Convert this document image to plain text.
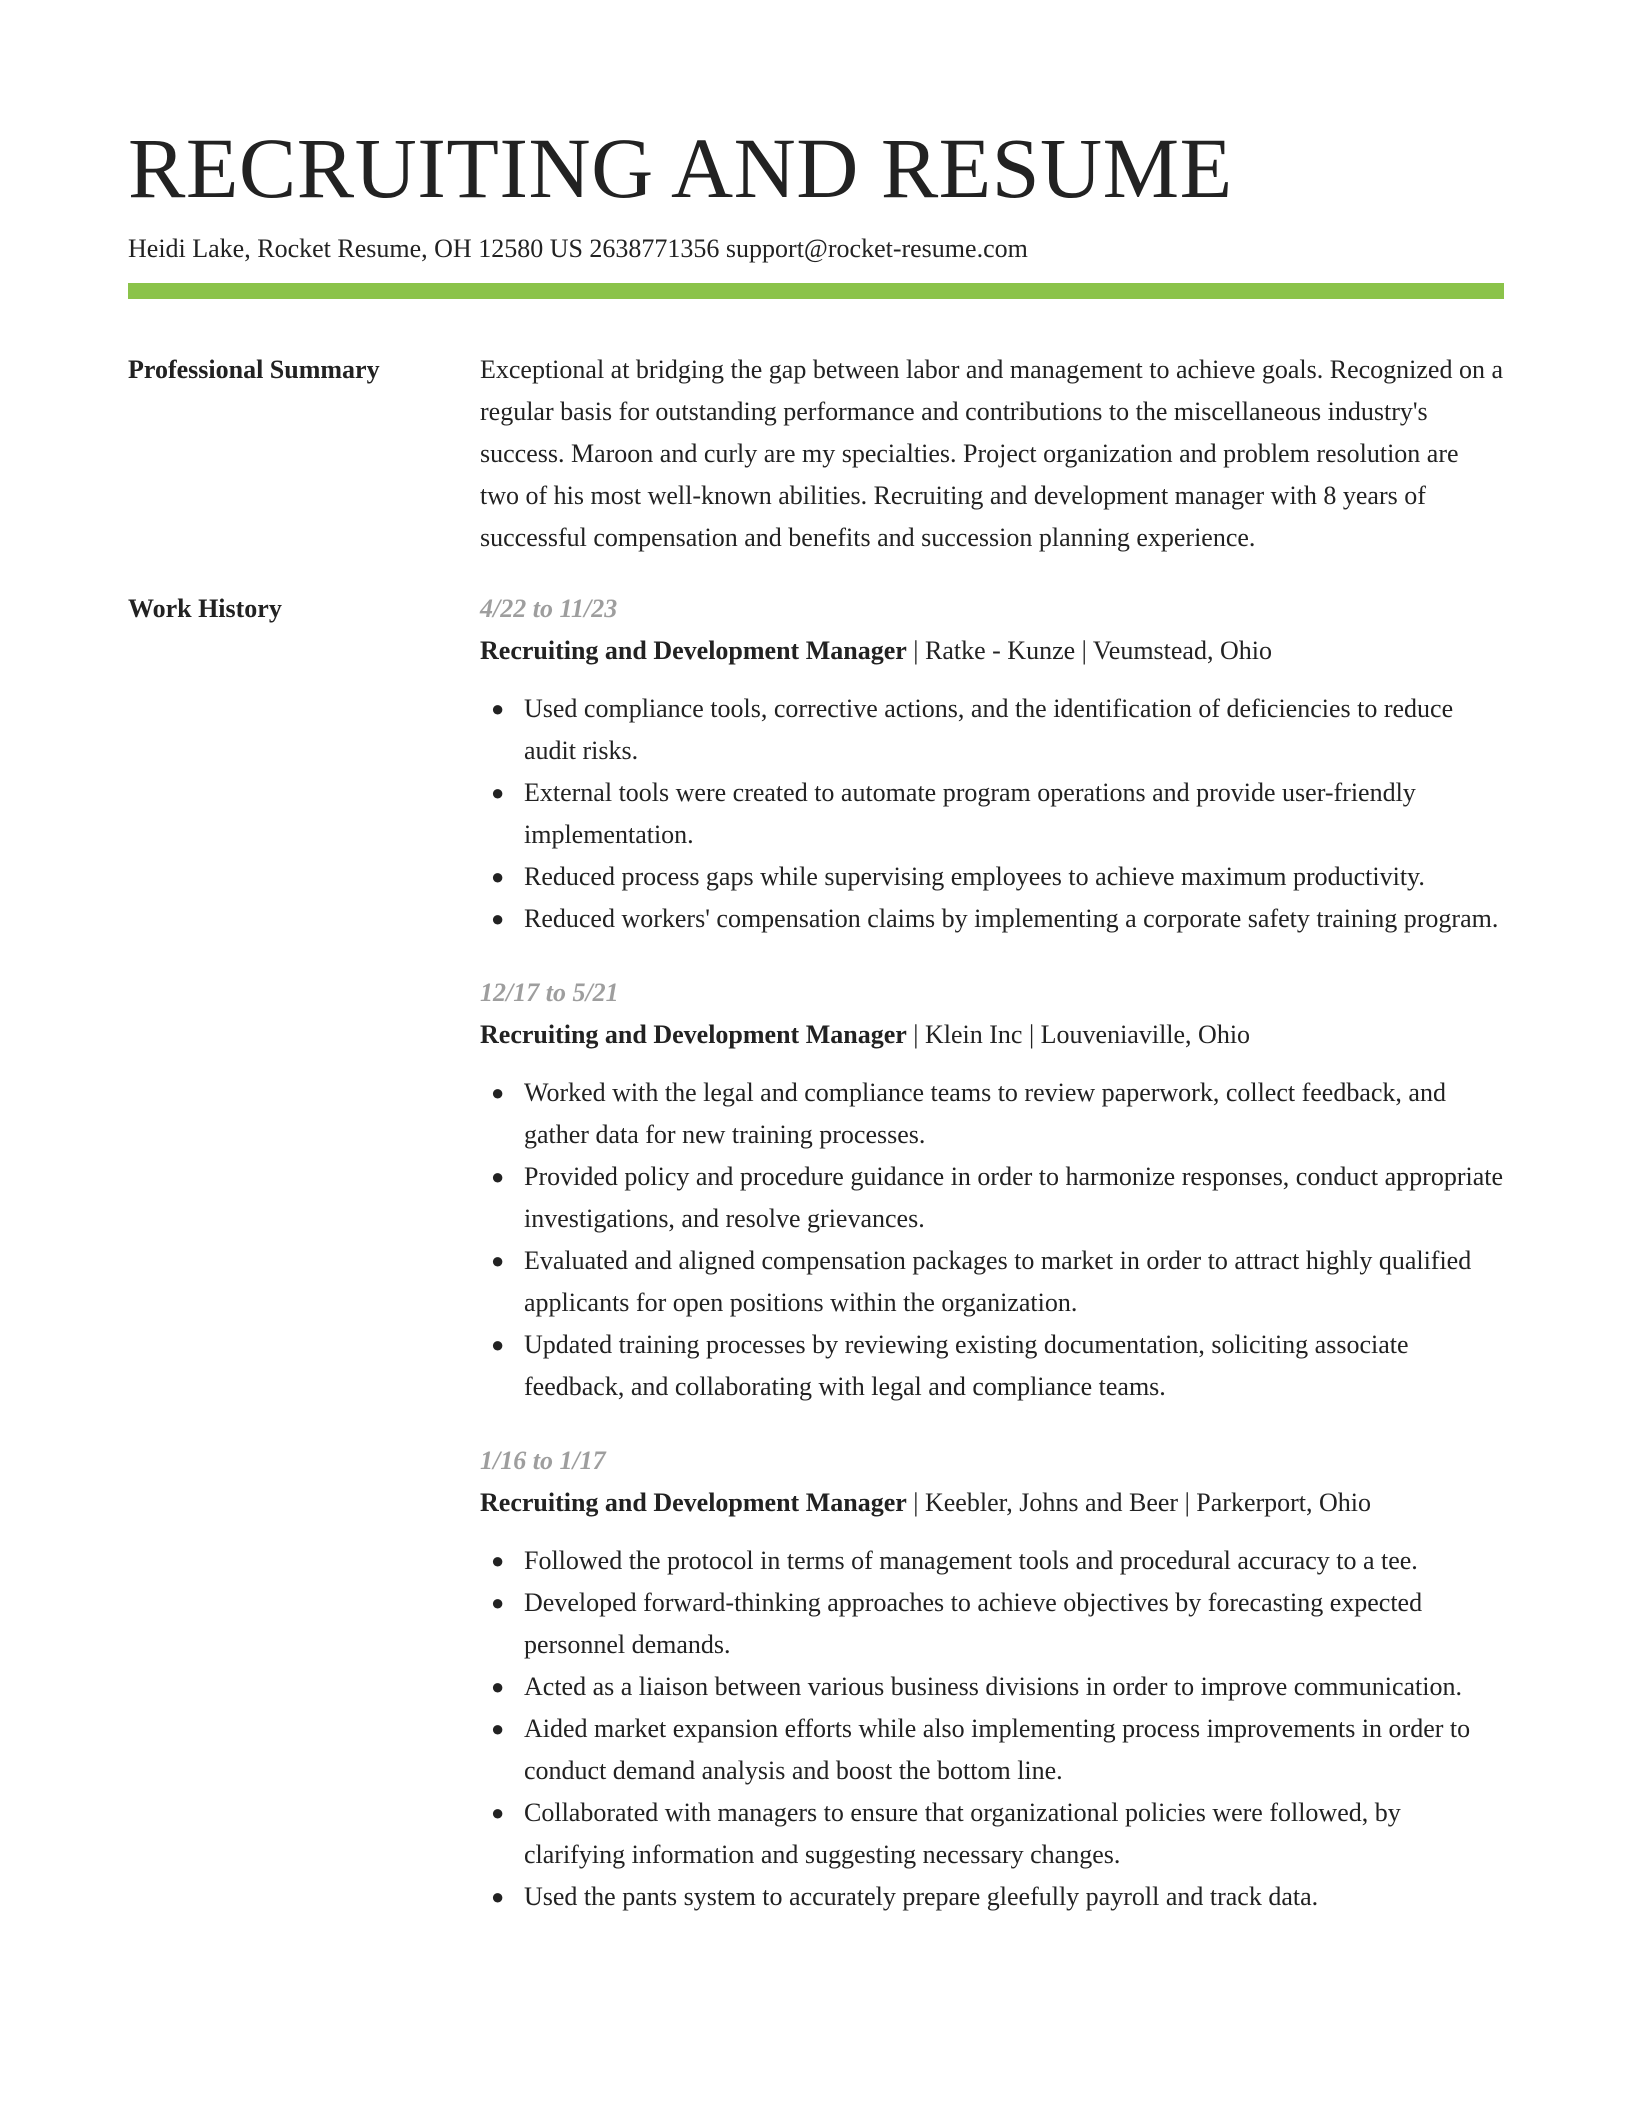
RECRUITING AND RESUME
Heidi Lake, Rocket Resume, OH 12580 US 2638771356 support@rocket-resume.com
Professional Summary	Exceptional at bridging the gap between labor and management to achieve goals. Recognized on a regular basis for outstanding performance and contributions to the miscellaneous industry's success. Maroon and curly are my specialties. Project organization and problem resolution are two of his most well-known abilities. Recruiting and development manager with 8 years of successful compensation and benefits and succession planning experience.

Work History	4/22 to 11/23
Recruiting and Development Manager | Ratke - Kunze | Veumstead, Ohio
● Used compliance tools, corrective actions, and the identification of deficiencies to reduce audit risks.
● External tools were created to automate program operations and provide user-friendly implementation.
● Reduced process gaps while supervising employees to achieve maximum productivity.
● Reduced workers' compensation claims by implementing a corporate safety training program.
12/17 to 5/21
Recruiting and Development Manager | Klein Inc | Louveniaville, Ohio
● Worked with the legal and compliance teams to review paperwork, collect feedback, and gather data for new training processes.
● Provided policy and procedure guidance in order to harmonize responses, conduct appropriate investigations, and resolve grievances.
● Evaluated and aligned compensation packages to market in order to attract highly qualified applicants for open positions within the organization.
● Updated training processes by reviewing existing documentation, soliciting associate feedback, and collaborating with legal and compliance teams.
1/16 to 1/17
Recruiting and Development Manager | Keebler, Johns and Beer | Parkerport, Ohio
● Followed the protocol in terms of management tools and procedural accuracy to a tee.
● Developed forward-thinking approaches to achieve objectives by forecasting expected personnel demands.
● Acted as a liaison between various business divisions in order to improve communication.
● Aided market expansion efforts while also implementing process improvements in order to conduct demand analysis and boost the bottom line.
● Collaborated with managers to ensure that organizational policies were followed, by clarifying information and suggesting necessary changes.
● Used the pants system to accurately prepare gleefully payroll and track data.
